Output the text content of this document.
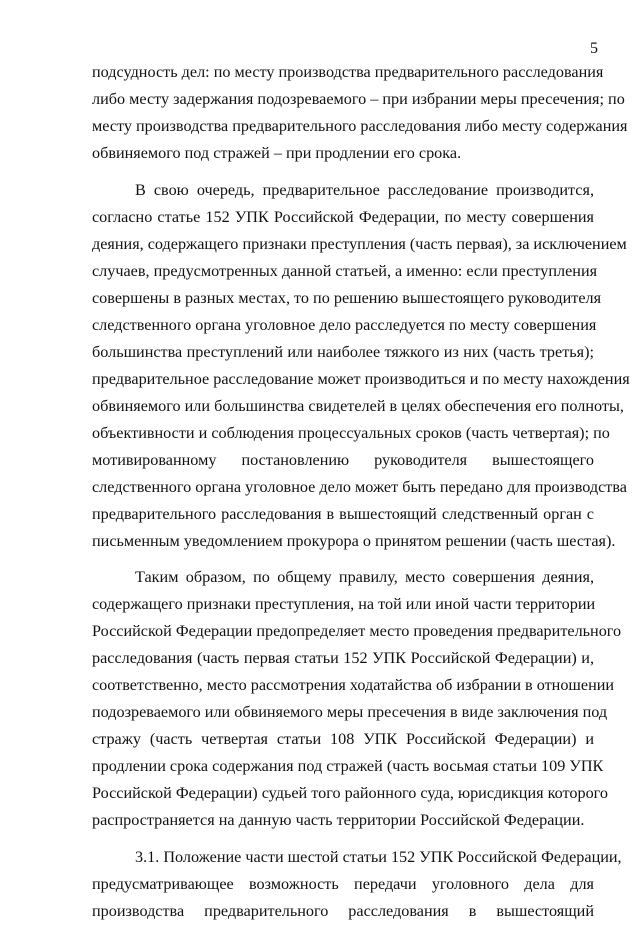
5
подсудность дел: по месту производства предварительного расследования
либо месту задержания подозреваемого – при избрании меры пресечения; по
месту производства предварительного расследования либо месту содержания
обвиняемого под стражей – при продлении его срока.
В свою очередь, предварительное расследование производится,
согласно статье 152 УПК Российской Федерации, по месту совершения
деяния, содержащего признаки преступления (часть первая), за исключением
случаев, предусмотренных данной статьей, а именно: если преступления
совершены в разных местах, то по решению вышестоящего руководителя
следственного органа уголовное дело расследуется по месту совершения
большинства преступлений или наиболее тяжкого из них (часть третья);
предварительное расследование может производиться и по месту нахождения
обвиняемого или большинства свидетелей в целях обеспечения его полноты,
объективности и соблюдения процессуальных сроков (часть четвертая); по
мотивированному постановлению руководителя вышестоящего
следственного органа уголовное дело может быть передано для производства
предварительного расследования в вышестоящий следственный орган с
письменным уведомлением прокурора о принятом решении (часть шестая).
Таким образом, по общему правилу, место совершения деяния,
содержащего признаки преступления, на той или иной части территории
Российской Федерации предопределяет место проведения предварительного
расследования (часть первая статьи 152 УПК Российской Федерации) и,
соответственно, место рассмотрения ходатайства об избрании в отношении
подозреваемого или обвиняемого меры пресечения в виде заключения под
стражу (часть четвертая статьи 108 УПК Российской Федерации) и
продлении срока содержания под стражей (часть восьмая статьи 109 УПК
Российской Федерации) судьей того районного суда, юрисдикция которого
распространяется на данную часть территории Российской Федерации.
3.1. Положение части шестой статьи 152 УПК Российской Федерации,
предусматривающее возможность передачи уголовного дела для
производства предварительного расследования в вышестоящий
